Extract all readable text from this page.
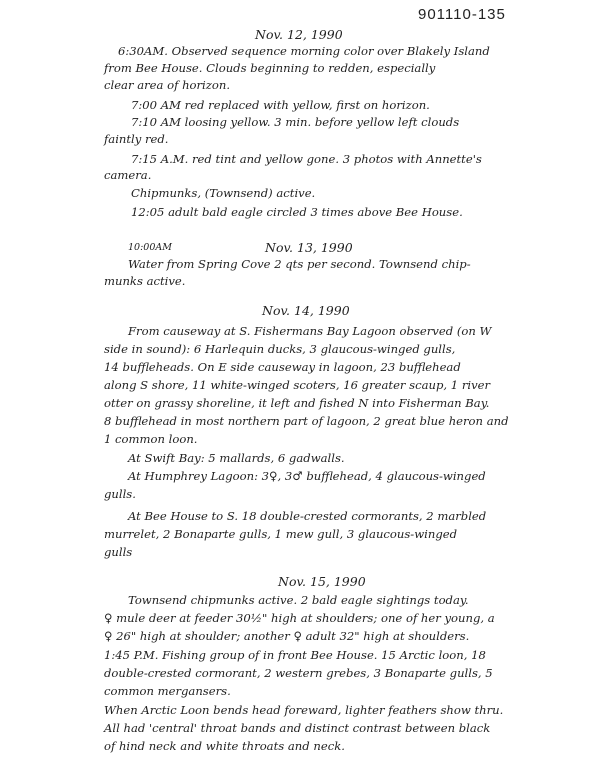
901110-135
Nov. 12, 1990
6:30AM. Observed sequence morning color over Blakely Island
from Bee House. Clouds beginning to redden, especially
clear area of horizon.
7:00 AM red replaced with yellow, first on horizon.
7:10 AM loosing yellow. 3 min. before yellow left clouds
faintly red.
7:15 A.M. red tint and yellow gone. 3 photos with Annette's
camera.
Chipmunks, (Townsend) active.
12:05 adult bald eagle circled 3 times above Bee House.
10:00AM	Nov. 13, 1990
Water from Spring Cove 2 qts per second. Townsend chip-
munks active.
Nov. 14, 1990
From causeway at S. Fishermans Bay Lagoon observed (on W
side in sound): 6 Harlequin ducks, 3 glaucous-winged gulls,
14 buffleheads. On E side causeway in lagoon, 23 bufflehead
along S shore, 11 white-winged scoters, 16 greater scaup, 1 river
otter on grassy shoreline, it left and fished N into Fisherman Bay.
8 bufflehead in most northern part of lagoon, 2 great blue heron and
1 common loon.
At Swift Bay: 5 mallards, 6 gadwalls.
At Humphrey Lagoon: 3♀, 3♂ bufflehead, 4 glaucous-winged
gulls.
At Bee House to S. 18 double-crested cormorants, 2 marbled
murrelet, 2 Bonaparte gulls, 1 mew gull, 3 glaucous-winged
gulls
Nov. 15, 1990
Townsend chipmunks active. 2 bald eagle sightings today.
♀ mule deer at feeder 30½" high at shoulders; one of her young, a
♀ 26" high at shoulder; another ♀ adult 32" high at shoulders.
1:45 P.M. Fishing group of in front Bee House. 15 Arctic loon, 18
double-crested cormorant, 2 western grebes, 3 Bonaparte gulls, 5
common mergansers.
When Arctic Loon bends head foreward, lighter feathers show thru.
All had 'central' throat bands and distinct contrast between black
of hind neck and white throats and neck.
